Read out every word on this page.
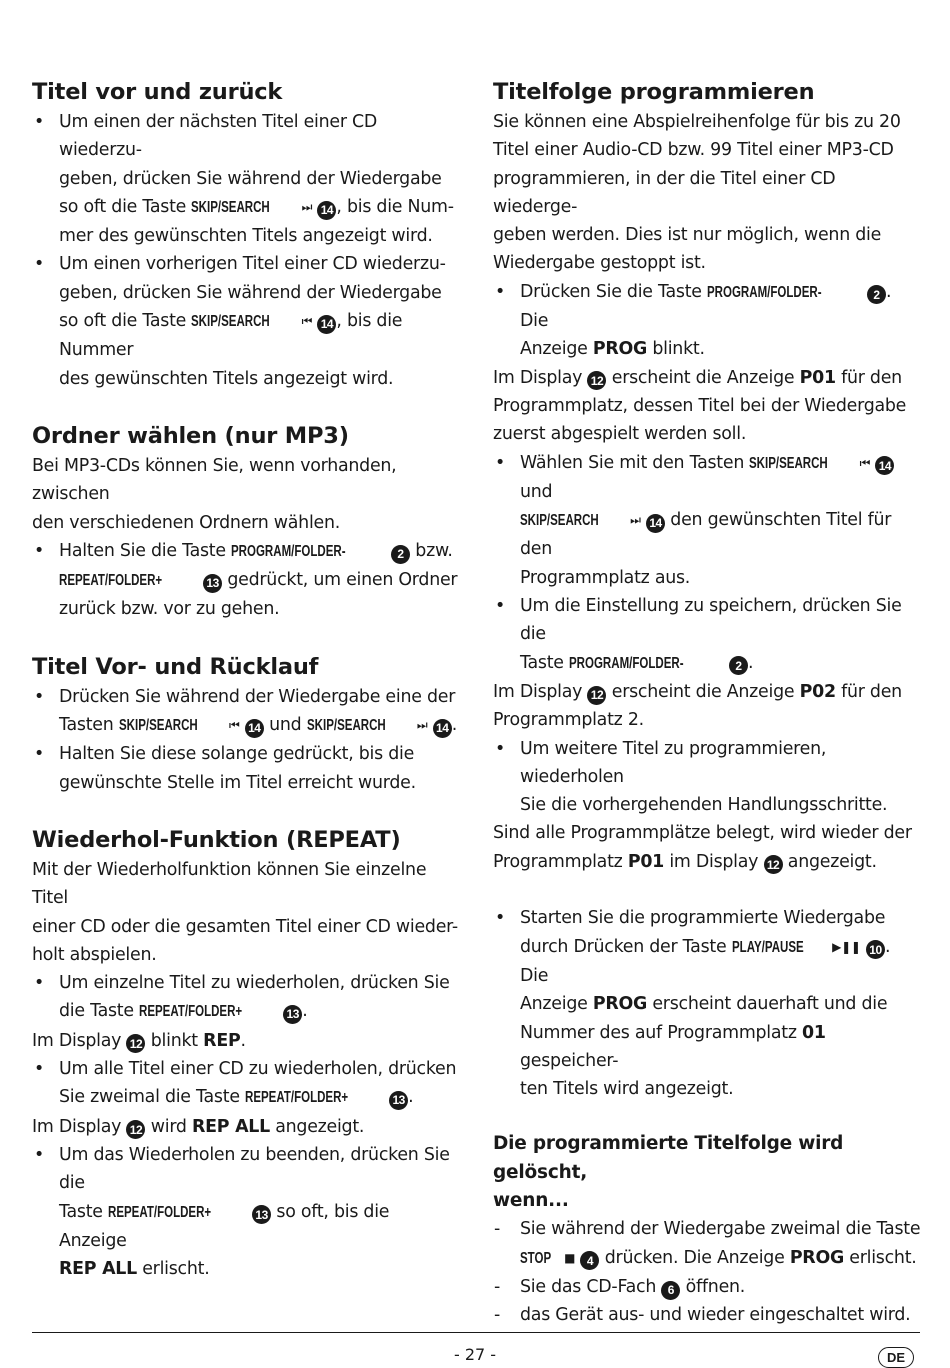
Titel vor und zurück
• Um einen der nächsten Titel einer CD wiederzu-
geben, drücken Sie während der Wiedergabe
so oft die Taste SKIP/SEARCH	⏭ 14 , bis die Num-
mer des gewünschten Titels angezeigt wird.
• Um einen vorherigen Titel einer CD wiederzu-
geben, drücken Sie während der Wiedergabe
so oft die Taste SKIP/SEARCH	⏮ 14 , bis die Nummer
des gewünschten Titels angezeigt wird.
Ordner wählen (nur MP3)

Bei MP3-CDs können Sie, wenn vorhanden, zwischen
den verschiedenen Ordnern wählen.

• Halten Sie die Taste PROGRAM/FOLDER-	2 bzw.
REPEAT/FOLDER+	13 gedrückt, um einen Ordner
zurück bzw. vor zu gehen.
Titel Vor- und Rücklauf
• Drücken Sie während der Wiedergabe eine der
Tasten SKIP/SEARCH	⏮ 14 und SKIP/SEARCH	⏭ 14 .
• Halten Sie diese solange gedrückt, bis die
gewünschte Stelle im Titel erreicht wurde.
Wiederhol-Funktion (REPEAT)

Mit der Wiederholfunktion können Sie einzelne Titel
einer CD oder die gesamten Titel einer CD wieder-
holt abspielen.

• Um einzelne Titel zu wiederholen, drücken Sie
die Taste REPEAT/FOLDER+	13 .

Im Display 12 blinkt REP.

• Um alle Titel einer CD zu wiederholen, drücken
Sie zweimal die Taste REPEAT/FOLDER+	13 .

Im Display 12 wird REP ALL angezeigt.

• Um das Wiederholen zu beenden, drücken Sie die
Taste REPEAT/FOLDER+	13 so oft, bis die Anzeige
REP ALL erlischt.
Titelfolge programmieren

Sie können eine Abspielreihenfolge für bis zu 20
Titel einer Audio-CD bzw. 99 Titel einer MP3-CD
programmieren, in der die Titel einer CD wiederge-
geben werden. Dies ist nur möglich, wenn die
Wiedergabe gestoppt ist.

• Drücken Sie die Taste PROGRAM/FOLDER-	2 . Die
Anzeige PROG blinkt.

Im Display 12 erscheint die Anzeige P01 für den
Programmplatz, dessen Titel bei der Wiedergabe
zuerst abgespielt werden soll.

• Wählen Sie mit den Tasten SKIP/SEARCH	⏮ 14 und
SKIP/SEARCH	⏭ 14 den gewünschten Titel für den
Programmplatz aus.
• Um die Einstellung zu speichern, drücken Sie die
Taste PROGRAM/FOLDER-	2 .

Im Display 12 erscheint die Anzeige P02 für den
Programmplatz 2.

• Um weitere Titel zu programmieren, wiederholen
Sie die vorhergehenden Handlungsschritte.

Sind alle Programmplätze belegt, wird wieder der
Programmplatz P01 im Display 12 angezeigt.

• Starten Sie die programmierte Wiedergabe
durch Drücken der Taste PLAY/PAUSE ▶❚❚ 10 . Die
Anzeige PROG erscheint dauerhaft und die
Nummer des auf Programmplatz 01 gespeicher-
ten Titels wird angezeigt.
Die programmierte Titelfolge wird gelöscht,
wenn...
- Sie während der Wiedergabe zweimal die Taste
STOP ■ 4 drücken. Die Anzeige PROG erlischt.
- Sie das CD-Fach 6 öffnen.
- das Gerät aus- und wieder eingeschaltet wird.
- 27 -	DE
